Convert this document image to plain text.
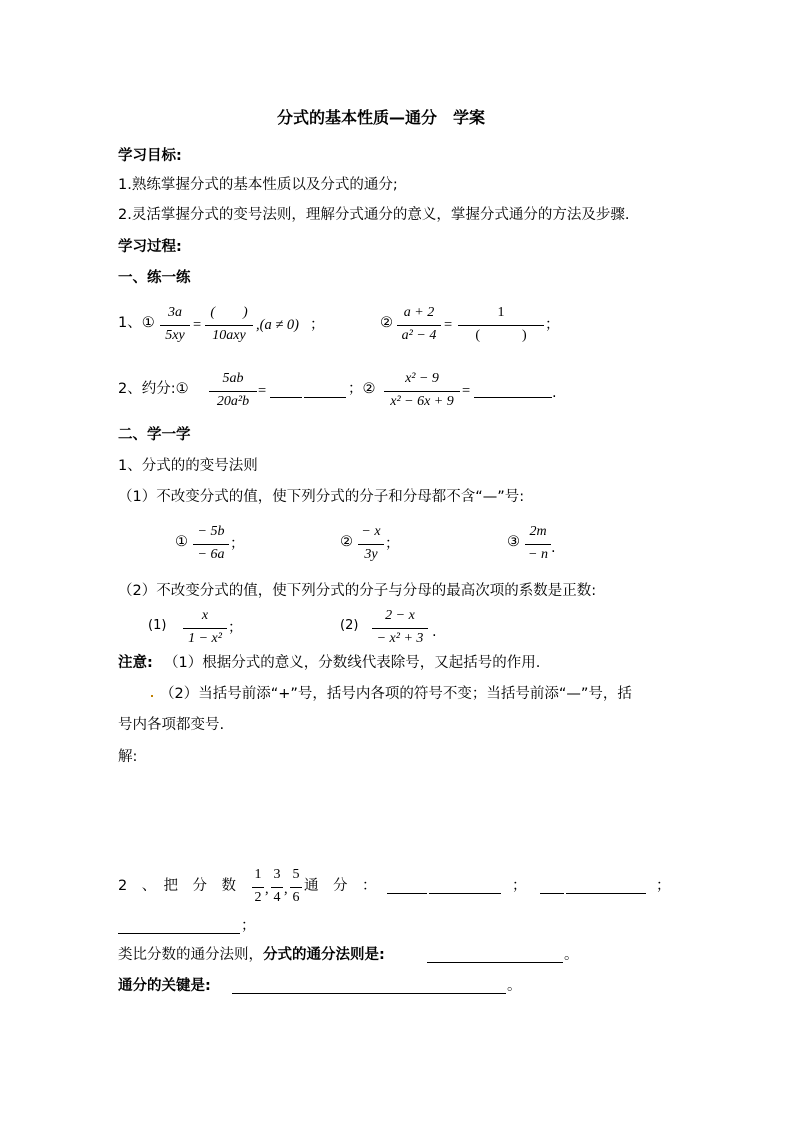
分式的基本性质—通分　学案
学习目标:
1.熟练掌握分式的基本性质以及分式的通分;
2.灵活掌握分式的变号法则，理解分式通分的意义，掌握分式通分的方法及步骤.
学习过程:
一、练一练
1、①
3a
5xy
=
(　　)
10axy
,(a ≠ 0) ；	②
a + 2
a² − 4
=
1
(　　　)
；
2、约分:①
5ab
20a²b
=	；②
x² − 9
x² − 6x + 9
=	.
二、学一学
1、分式的的变号法则
（1）不改变分式的值，使下列分式的分子和分母都不含“—”号:
①
− 5b
− 6a
；	②
− x
3y
；	③
2m
− n .
（2）不改变分式的值，使下列分式的分子与分母的最高次项的系数是正数:
(1)
x
1 − x²
；	(2)
2 − x
− x² + 3 .
注意: （1）根据分式的意义，分数线代表除号，又起括号的作用.
（2）当括号前添“+”号，括号内各项的符号不变；当括号前添“—”号，括
号内各项都变号.
解:
2　、　把　分　数
1
2
,
3
4
,
5
6
通　分　：	；	；
；
类比分数的通分法则，分式的通分法则是:	。
通分的关键是:	。
